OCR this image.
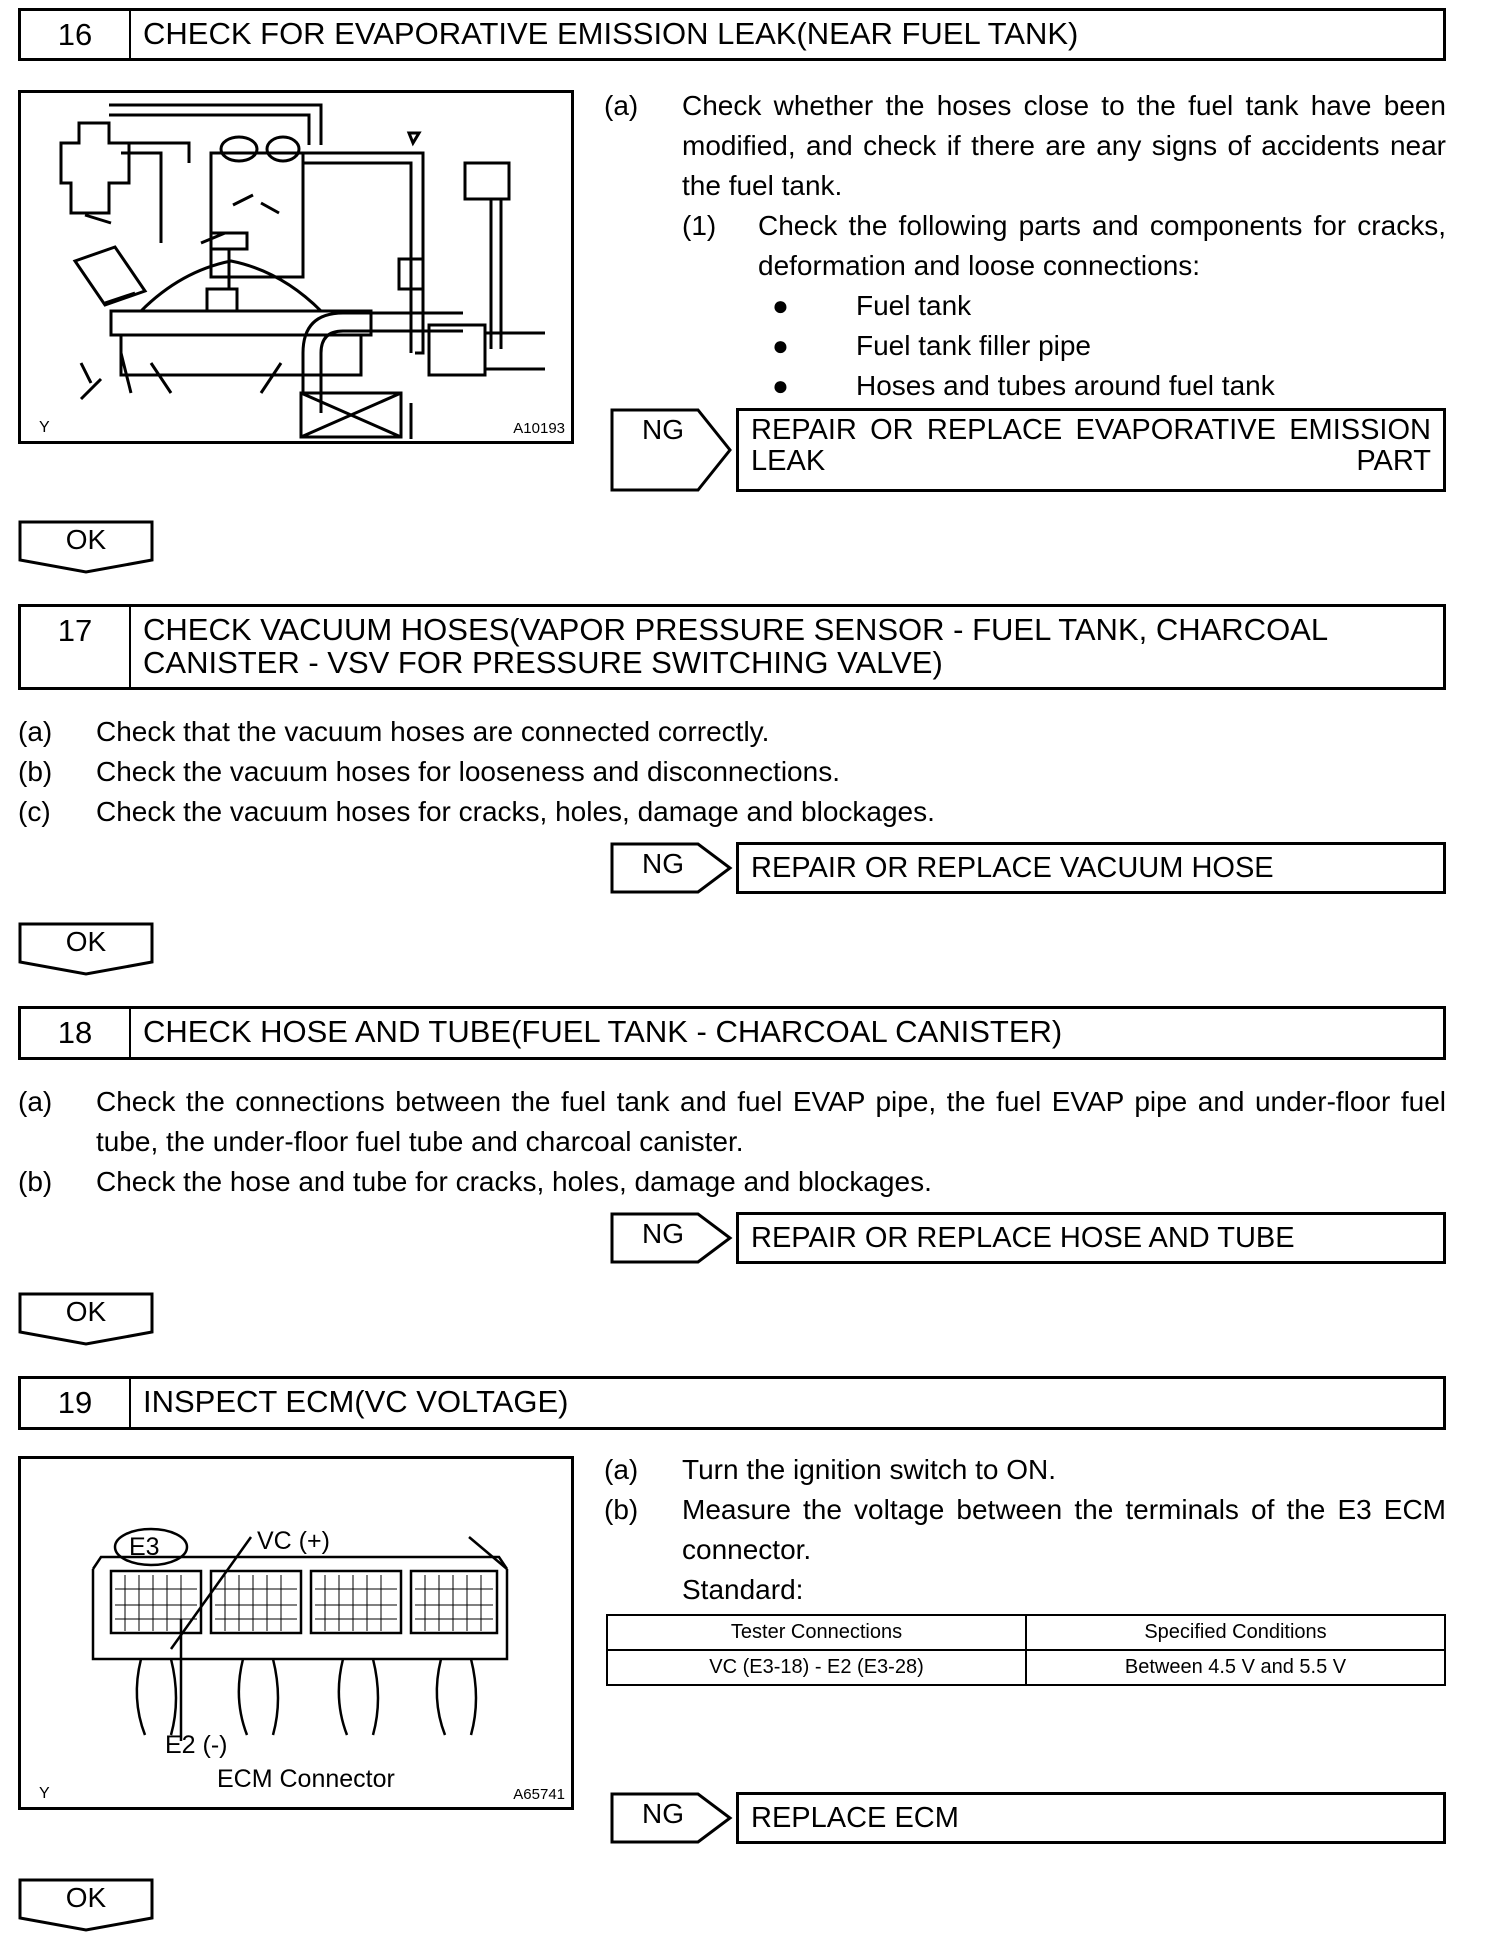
16	CHECK FOR EVAPORATIVE EMISSION LEAK(NEAR FUEL TANK)
Y	A10193
(a)	Check whether the hoses close to the fuel tank have been modified, and check if there are any signs of accidents near the fuel tank.
(1)	Check the following parts and components for cracks, deformation and loose connections:
●	Fuel tank
●	Fuel tank filler pipe
●	Hoses and tubes around fuel tank
NG REPAIR OR REPLACE EVAPORATIVE EMISSION LEAK PART
OK
17	CHECK VACUUM HOSES(VAPOR PRESSURE SENSOR - FUEL TANK, CHARCOAL CANISTER - VSV FOR PRESSURE SWITCHING VALVE)
(a)	Check that the vacuum hoses are connected correctly.
(b)	Check the vacuum hoses for looseness and disconnections.
(c)	Check the vacuum hoses for cracks, holes, damage and blockages.
NG	REPAIR OR REPLACE VACUUM HOSE
OK
18	CHECK HOSE AND TUBE(FUEL TANK - CHARCOAL CANISTER)
(a)	Check the connections between the fuel tank and fuel EVAP pipe, the fuel EVAP pipe and under-floor fuel tube, the under-floor fuel tube and charcoal canister.
(b)	Check the hose and tube for cracks, holes, damage and blockages.
NG	REPAIR OR REPLACE HOSE AND TUBE
OK
19	INSPECT ECM(VC VOLTAGE)
E3	VC (+)
E2 (-)
ECM Connector
Y	A65741
(a)	Turn the ignition switch to ON.
(b)	Measure the voltage between the terminals of the E3 ECM connector.
Standard:
Tester Connections	Specified Conditions
VC (E3-18) - E2 (E3-28)	Between 4.5 V and 5.5 V
NG	REPLACE ECM
OK
